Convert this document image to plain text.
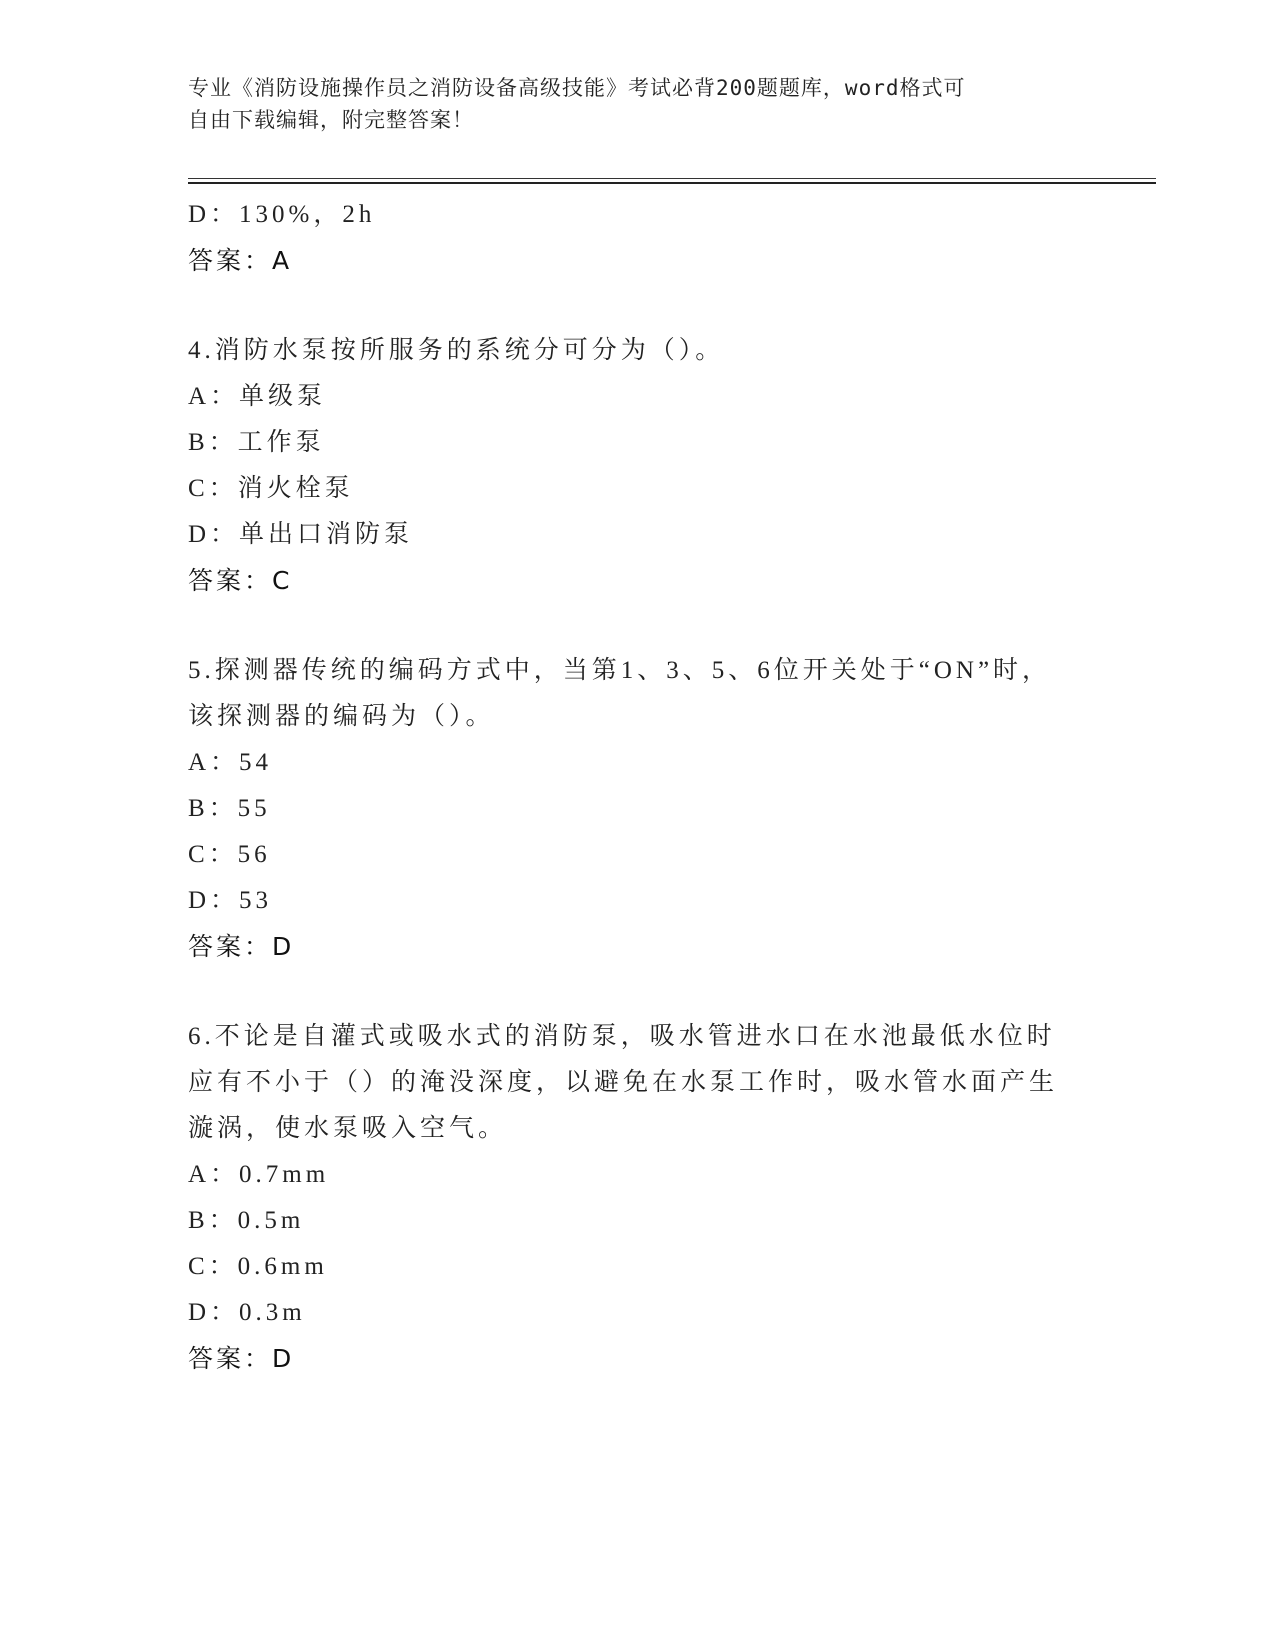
专业《消防设施操作员之消防设备高级技能》考试必背200题题库，word格式可
自由下载编辑，附完整答案！
D：130%，2h
答案：A
4.消防水泵按所服务的系统分可分为（）。
A：单级泵
B：工作泵
C：消火栓泵
D：单出口消防泵
答案：C
5.探测器传统的编码方式中，当第1、3、5、6位开关处于“ON”时，
该探测器的编码为（）。
A：54
B：55
C：56
D：53
答案：D
6.不论是自灌式或吸水式的消防泵，吸水管进水口在水池最低水位时
应有不小于（）的淹没深度，以避免在水泵工作时，吸水管水面产生
漩涡，使水泵吸入空气。
A：0.7mm
B：0.5m
C：0.6mm
D：0.3m
答案：D
